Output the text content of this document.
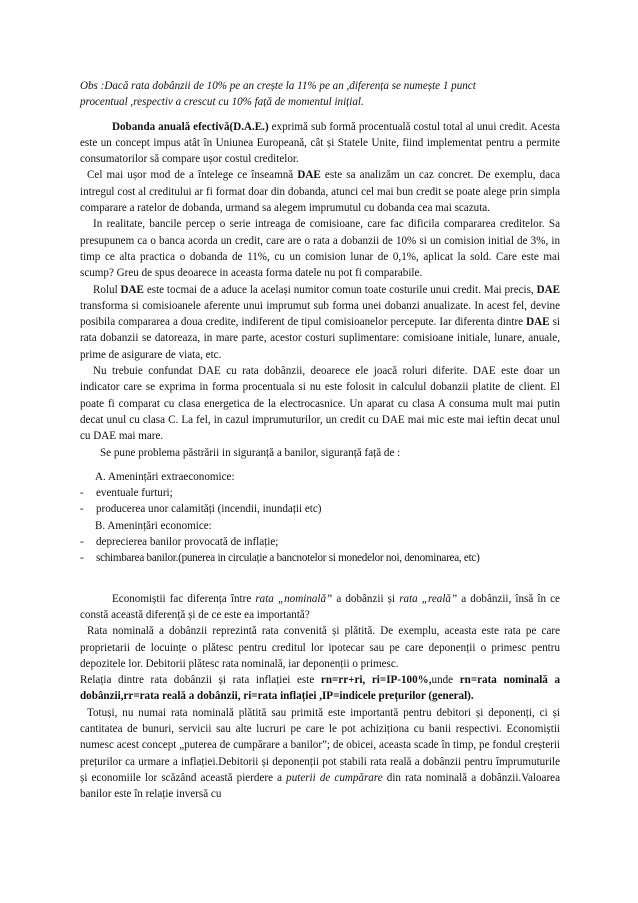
Obs :Dacă rata dobânzii de 10% pe an crește la 11% pe an ,diferența se numește 1 punct
procentual ,respectiv a crescut cu 10% față de momentul inițial.

Dobanda anuală efectivă(D.A.E.) exprimă sub formă procentuală costul total al unui credit. Acesta este un concept impus atât în Uniunea Europeană, cât și Statele Unite, fiind implementat pentru a permite consumatorilor să compare ușor costul creditelor.

Cel mai ușor mod de a întelege ce înseamnă DAE este sa analizăm un caz concret. De exemplu, daca intregul cost al creditului ar fi format doar din dobanda, atunci cel mai bun credit se poate alege prin simpla comparare a ratelor de dobanda, urmand sa alegem imprumutul cu dobanda cea mai scazuta.

In realitate, bancile percep o serie intreaga de comisioane, care fac dificila compararea creditelor. Sa presupunem ca o banca acorda un credit, care are o rata a dobanzii de 10% si un comision initial de 3%, in timp ce alta practica o dobanda de 11%, cu un comision lunar de 0,1%, aplicat la sold. Care este mai scump? Greu de spus deoarece in aceasta forma datele nu pot fi comparabile.

Rolul DAE este tocmai de a aduce la același numitor comun toate costurile unui credit. Mai precis, DAE transforma si comisioanele aferente unui imprumut sub forma unei dobanzi anualizate. In acest fel, devine posibila compararea a doua credite, indiferent de tipul comisioanelor percepute. Iar diferenta dintre DAE si rata dobanzii se datoreaza, in mare parte, acestor costuri suplimentare: comisioane initiale, lunare, anuale, prime de asigurare de viata, etc.

Nu trebuie confundat DAE cu rata dobânzii, deoarece ele joacă roluri diferite. DAE este doar un indicator care se exprima in forma procentuala si nu este folosit in calculul dobanzii platite de client. El poate fi comparat cu clasa energetica de la electrocasnice. Un aparat cu clasa A consuma mult mai putin decat unul cu clasa C. La fel, in cazul imprumuturilor, un credit cu DAE mai mic este mai ieftin decat unul cu DAE mai mare.

Se pune problema păstrării in siguranță a banilor, siguranță față de :

A. Amenințări extraeconomice:
- eventuale furturi;
- producerea unor calamități (incendii, inundații etc)
B. Amenințări economice:
- deprecierea banilor provocată de inflație;
- schimbarea banilor.(punerea in circulație a bancnotelor si monedelor noi, denominarea, etc)

Economiștii fac diferența între rata „nominală” a dobânzii și rata „reală” a dobânzii, însă în ce constă această diferență și de ce este ea importantă?

Rata nominală a dobânzii reprezintă rata convenită și plătită. De exemplu, aceasta este rata pe care proprietarii de locuințe o plătesc pentru creditul lor ipotecar sau pe care deponenții o primesc pentru depozitele lor. Debitorii plătesc rata nominală, iar deponenții o primesc.

Relația dintre rata dobânzii și rata inflației este rn=rr+ri, ri=IP-100%,unde rn=rata nominală a dobânzii,rr=rata reală a dobânzii, ri=rata inflației ,IP=indicele prețurilor (general).

Totuși, nu numai rata nominală plătită sau primită este importantă pentru debitori și deponenți, ci și cantitatea de bunuri, servicii sau alte lucruri pe care le pot achiziționa cu banii respectivi. Economiștii numesc acest concept „puterea de cumpărare a banilor”; de obicei, aceasta scade în timp, pe fondul creșterii prețurilor ca urmare a inflației.Debitorii și deponenții pot stabili rata reală a dobânzii pentru împrumuturile și economiile lor scăzând această pierdere a puterii de cumpărare din rata nominală a dobânzii.Valoarea banilor este în relație inversă cu
